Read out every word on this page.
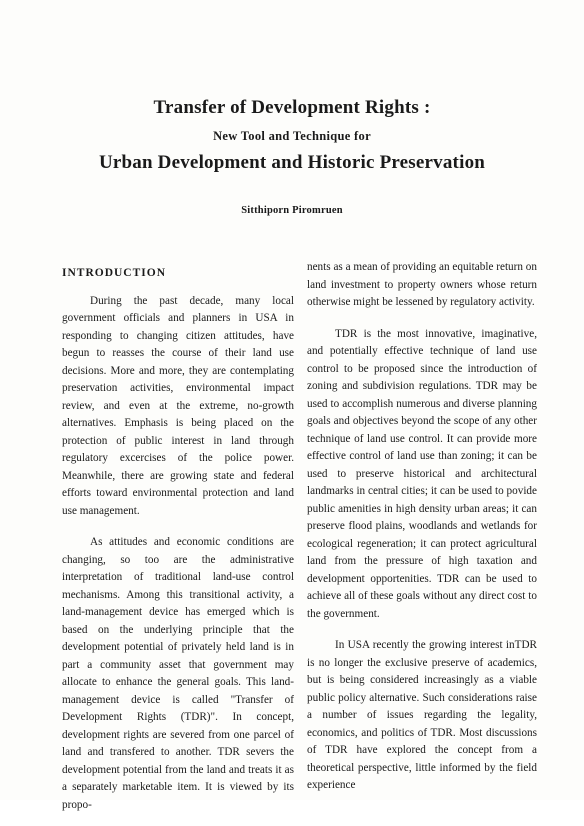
Transfer of Development Rights :
New Tool and Technique for
Urban Development and Historic Preservation
Sitthiporn Piromruen
INTRODUCTION

During the past decade, many local government officials and planners in USA in responding to changing citizen attitudes, have begun to reasses the course of their land use decisions. More and more, they are contemplating preservation activities, environmental impact review, and even at the extreme, no-growth alternatives. Emphasis is being placed on the protection of public interest in land through regulatory excercises of the police power. Meanwhile, there are growing state and federal efforts toward environmental protection and land use management.

As attitudes and economic conditions are changing, so too are the administrative interpretation of traditional land-use control mechanisms. Among this transitional activity, a land-management device has emerged which is based on the underlying principle that the development potential of privately held land is in part a community asset that government may allocate to enhance the general goals. This land-management device is called "Transfer of Development Rights (TDR)". In concept, development rights are severed from one parcel of land and transfered to another. TDR severs the development potential from the land and treats it as a separately marketable item. It is viewed by its propo-

nents as a mean of providing an equitable return on land investment to property owners whose return otherwise might be lessened by regulatory activity.

TDR is the most innovative, imaginative, and potentially effective technique of land use control to be proposed since the introduction of zoning and subdivision regulations. TDR may be used to accomplish numerous and diverse planning goals and objectives beyond the scope of any other technique of land use control. It can provide more effective control of land use than zoning; it can be used to preserve historical and architectural landmarks in central cities; it can be used to povide public amenities in high density urban areas; it can preserve flood plains, woodlands and wetlands for ecological regeneration; it can protect agricultural land from the pressure of high taxation and development opportenities. TDR can be used to achieve all of these goals without any direct cost to the government.

In USA recently the growing interest inTDR is no longer the exclusive preserve of academics, but is being considered increasingly as a viable public policy alternative. Such considerations raise a number of issues regarding the legality, economics, and politics of TDR. Most discussions of TDR have explored the concept from a theoretical perspective, little informed by the field experience
